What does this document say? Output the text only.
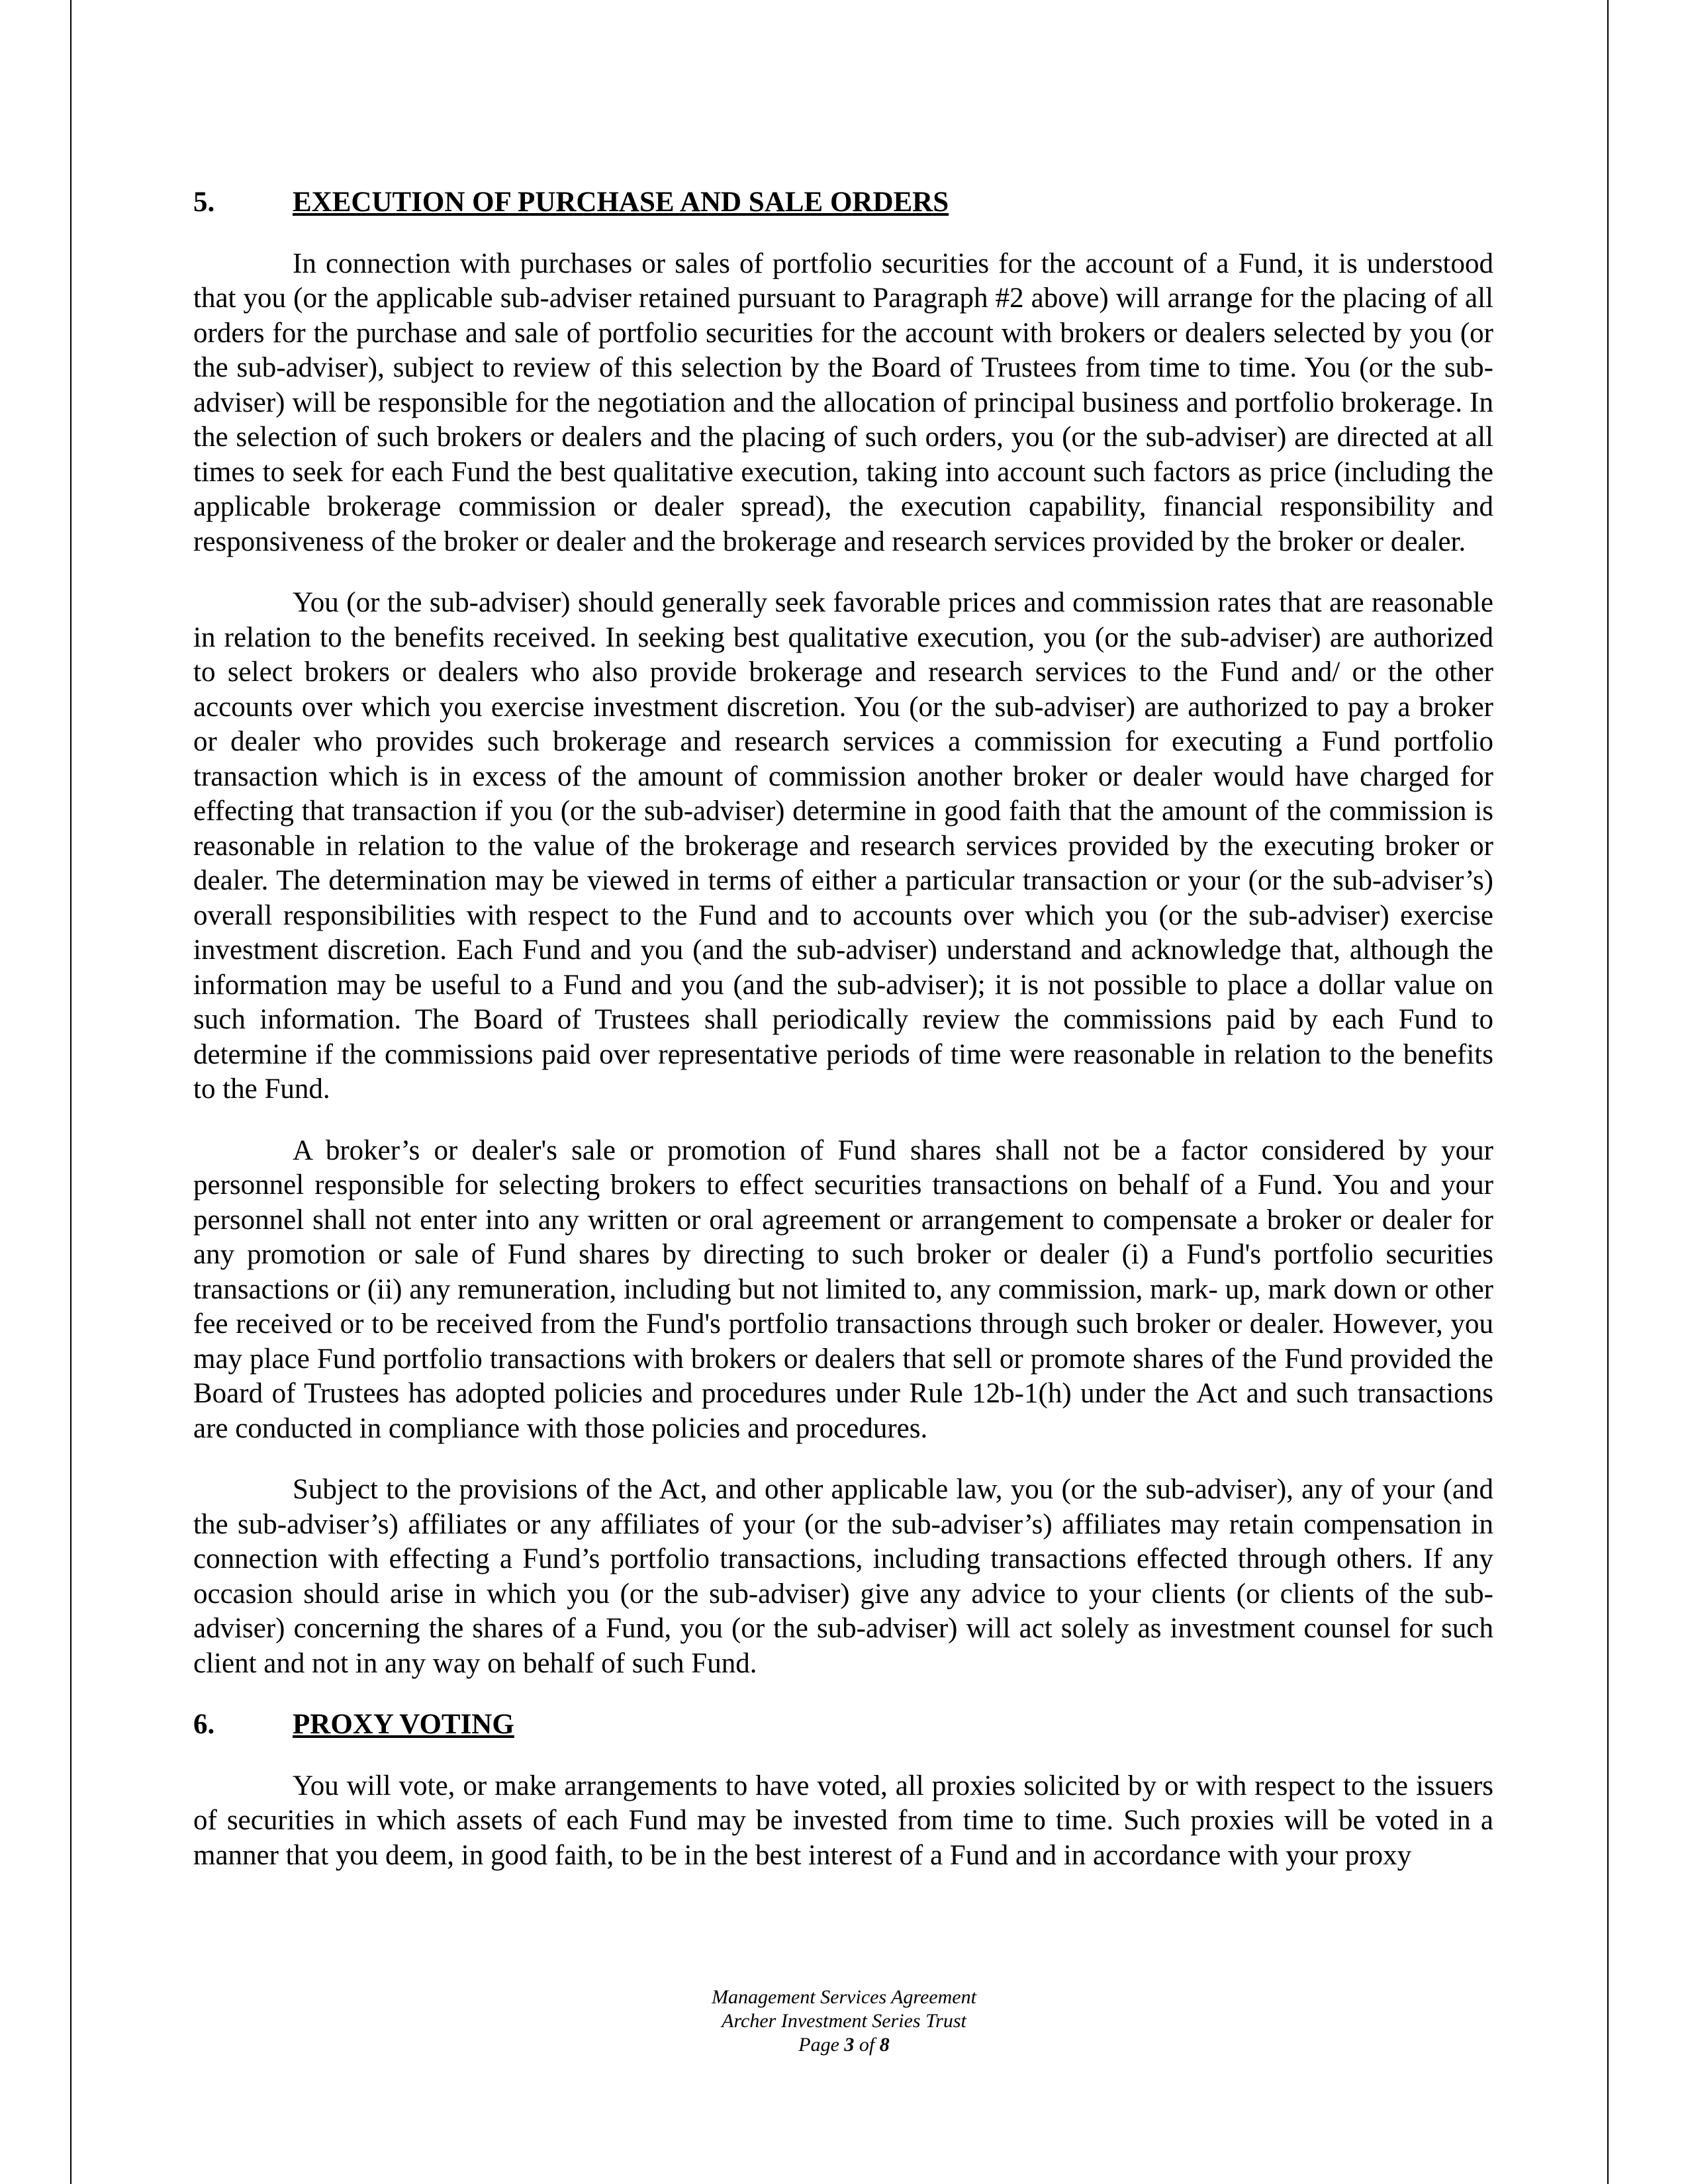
5.	EXECUTION OF PURCHASE AND SALE ORDERS

In connection with purchases or sales of portfolio securities for the account of a Fund, it is understood that you (or the applicable sub-adviser retained pursuant to Paragraph #2 above) will arrange for the placing of all orders for the purchase and sale of portfolio securities for the account with brokers or dealers selected by you (or the sub-adviser), subject to review of this selection by the Board of Trustees from time to time. You (or the sub-adviser) will be responsible for the negotiation and the allocation of principal business and portfolio brokerage. In the selection of such brokers or dealers and the placing of such orders, you (or the sub-adviser) are directed at all times to seek for each Fund the best qualitative execution, taking into account such factors as price (including the applicable brokerage commission or dealer spread), the execution capability, financial responsibility and responsiveness of the broker or dealer and the brokerage and research services provided by the broker or dealer.

You (or the sub-adviser) should generally seek favorable prices and commission rates that are reasonable in relation to the benefits received. In seeking best qualitative execution, you (or the sub-adviser) are authorized to select brokers or dealers who also provide brokerage and research services to the Fund and/ or the other accounts over which you exercise investment discretion. You (or the sub-adviser) are authorized to pay a broker or dealer who provides such brokerage and research services a commission for executing a Fund portfolio transaction which is in excess of the amount of commission another broker or dealer would have charged for effecting that transaction if you (or the sub-adviser) determine in good faith that the amount of the commission is reasonable in relation to the value of the brokerage and research services provided by the executing broker or dealer. The determination may be viewed in terms of either a particular transaction or your (or the sub-adviser’s) overall responsibilities with respect to the Fund and to accounts over which you (or the sub-adviser) exercise investment discretion. Each Fund and you (and the sub-adviser) understand and acknowledge that, although the information may be useful to a Fund and you (and the sub-adviser); it is not possible to place a dollar value on such information. The Board of Trustees shall periodically review the commissions paid by each Fund to determine if the commissions paid over representative periods of time were reasonable in relation to the benefits to the Fund.

A broker’s or dealer's sale or promotion of Fund shares shall not be a factor considered by your personnel responsible for selecting brokers to effect securities transactions on behalf of a Fund. You and your personnel shall not enter into any written or oral agreement or arrangement to compensate a broker or dealer for any promotion or sale of Fund shares by directing to such broker or dealer (i) a Fund's portfolio securities transactions or (ii) any remuneration, including but not limited to, any commission, mark- up, mark down or other fee received or to be received from the Fund's portfolio transactions through such broker or dealer. However, you may place Fund portfolio transactions with brokers or dealers that sell or promote shares of the Fund provided the Board of Trustees has adopted policies and procedures under Rule 12b-1(h) under the Act and such transactions are conducted in compliance with those policies and procedures.

Subject to the provisions of the Act, and other applicable law, you (or the sub-adviser), any of your (and the sub-adviser’s) affiliates or any affiliates of your (or the sub-adviser’s) affiliates may retain compensation in connection with effecting a Fund’s portfolio transactions, including transactions effected through others. If any occasion should arise in which you (or the sub-adviser) give any advice to your clients (or clients of the sub-adviser) concerning the shares of a Fund, you (or the sub-adviser) will act solely as investment counsel for such client and not in any way on behalf of such Fund.

6.	PROXY VOTING

You will vote, or make arrangements to have voted, all proxies solicited by or with respect to the issuers of securities in which assets of each Fund may be invested from time to time. Such proxies will be voted in a manner that you deem, in good faith, to be in the best interest of a Fund and in accordance with your proxy

Management Services Agreement
Archer Investment Series Trust
Page 3 of 8
